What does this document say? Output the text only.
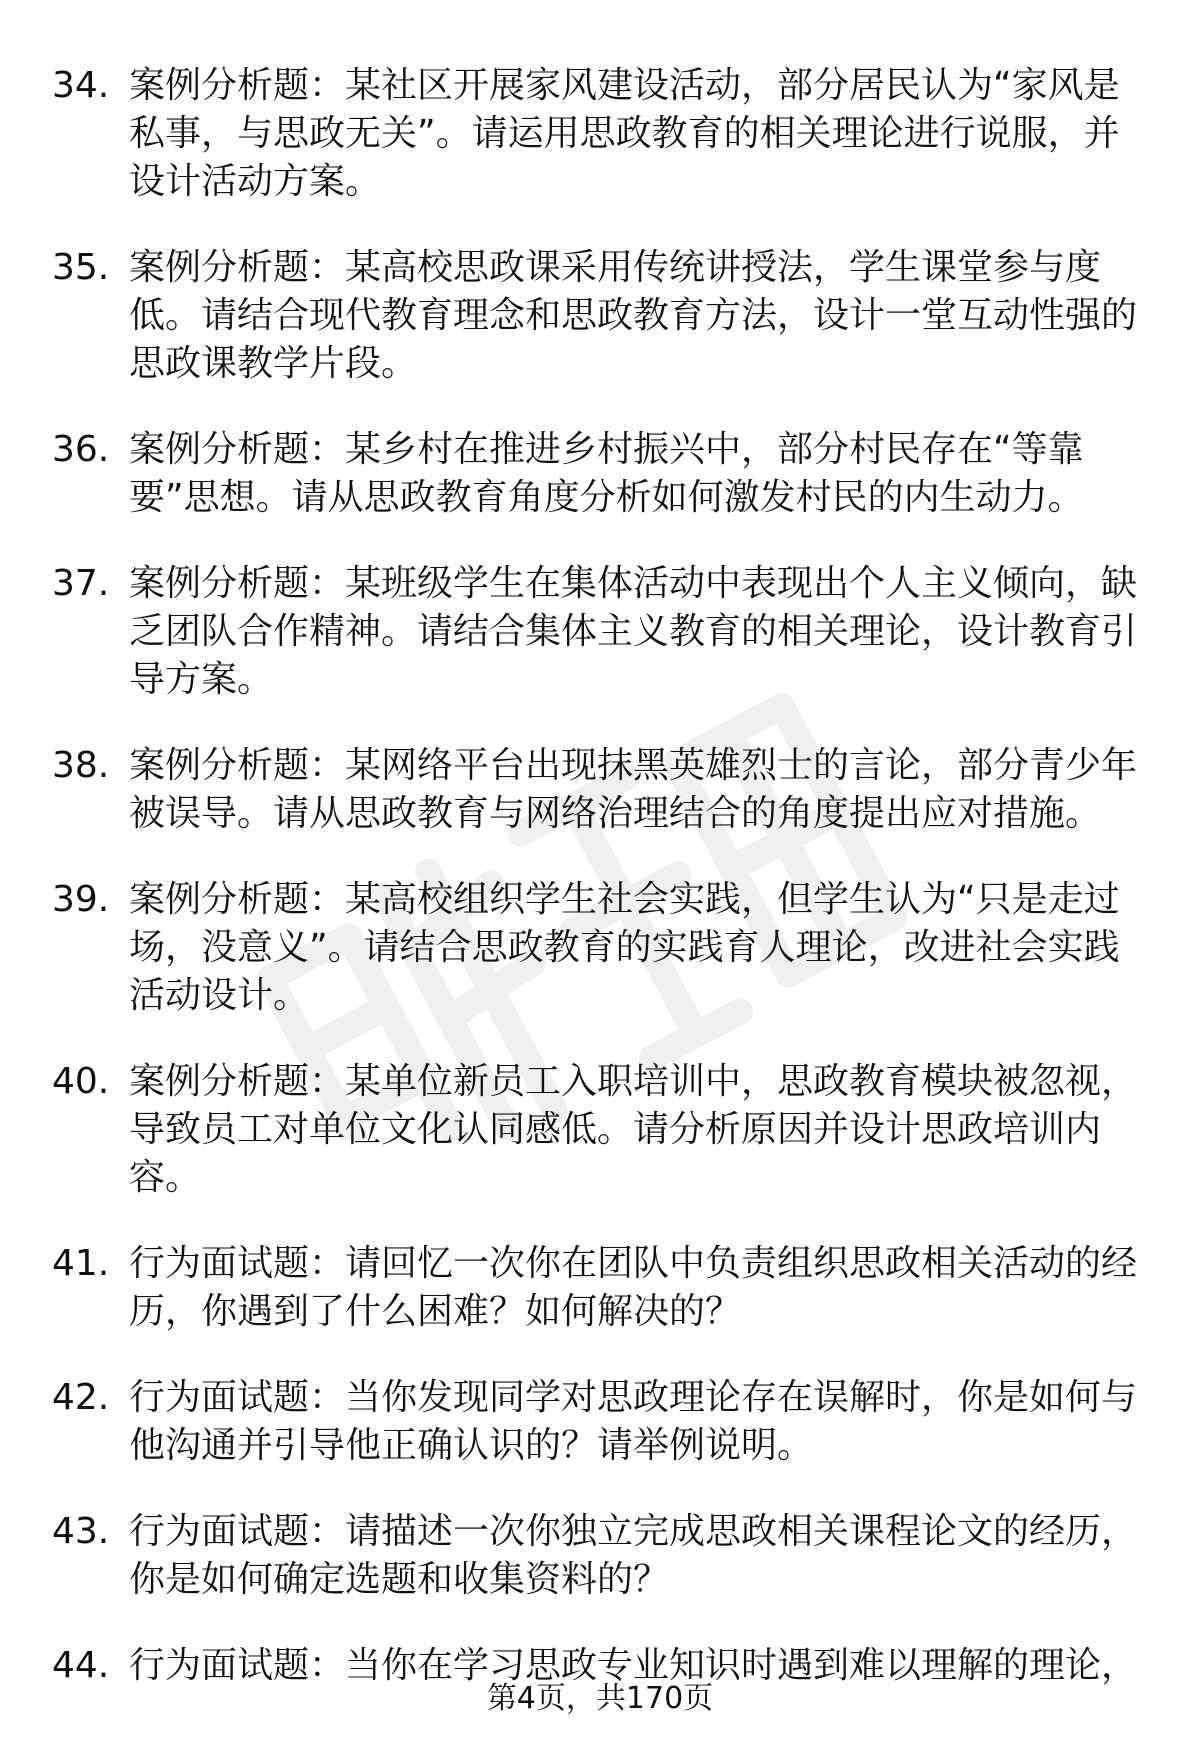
34. 案例分析题：某社区开展家风建设活动，部分居民认为“家风是私事，与思政无关”。请运用思政教育的相关理论进行说服，并设计活动方案。
35. 案例分析题：某高校思政课采用传统讲授法，学生课堂参与度低。请结合现代教育理念和思政教育方法，设计一堂互动性强的思政课教学片段。
36. 案例分析题：某乡村在推进乡村振兴中，部分村民存在“等靠要”思想。请从思政教育角度分析如何激发村民的内生动力。
37. 案例分析题：某班级学生在集体活动中表现出个人主义倾向，缺乏团队合作精神。请结合集体主义教育的相关理论，设计教育引导方案。
38. 案例分析题：某网络平台出现抹黑英雄烈士的言论，部分青少年被误导。请从思政教育与网络治理结合的角度提出应对措施。
39. 案例分析题：某高校组织学生社会实践，但学生认为“只是走过场，没意义”。请结合思政教育的实践育人理论，改进社会实践活动设计。
40. 案例分析题：某单位新员工入职培训中，思政教育模块被忽视，导致员工对单位文化认同感低。请分析原因并设计思政培训内容。
41. 行为面试题：请回忆一次你在团队中负责组织思政相关活动的经历，你遇到了什么困难？如何解决的？
42. 行为面试题：当你发现同学对思政理论存在误解时，你是如何与他沟通并引导他正确认识的？请举例说明。
43. 行为面试题：请描述一次你独立完成思政相关课程论文的经历，你是如何确定选题和收集资料的？
44. 行为面试题：当你在学习思政专业知识时遇到难以理解的理论，
第4页，共170页
